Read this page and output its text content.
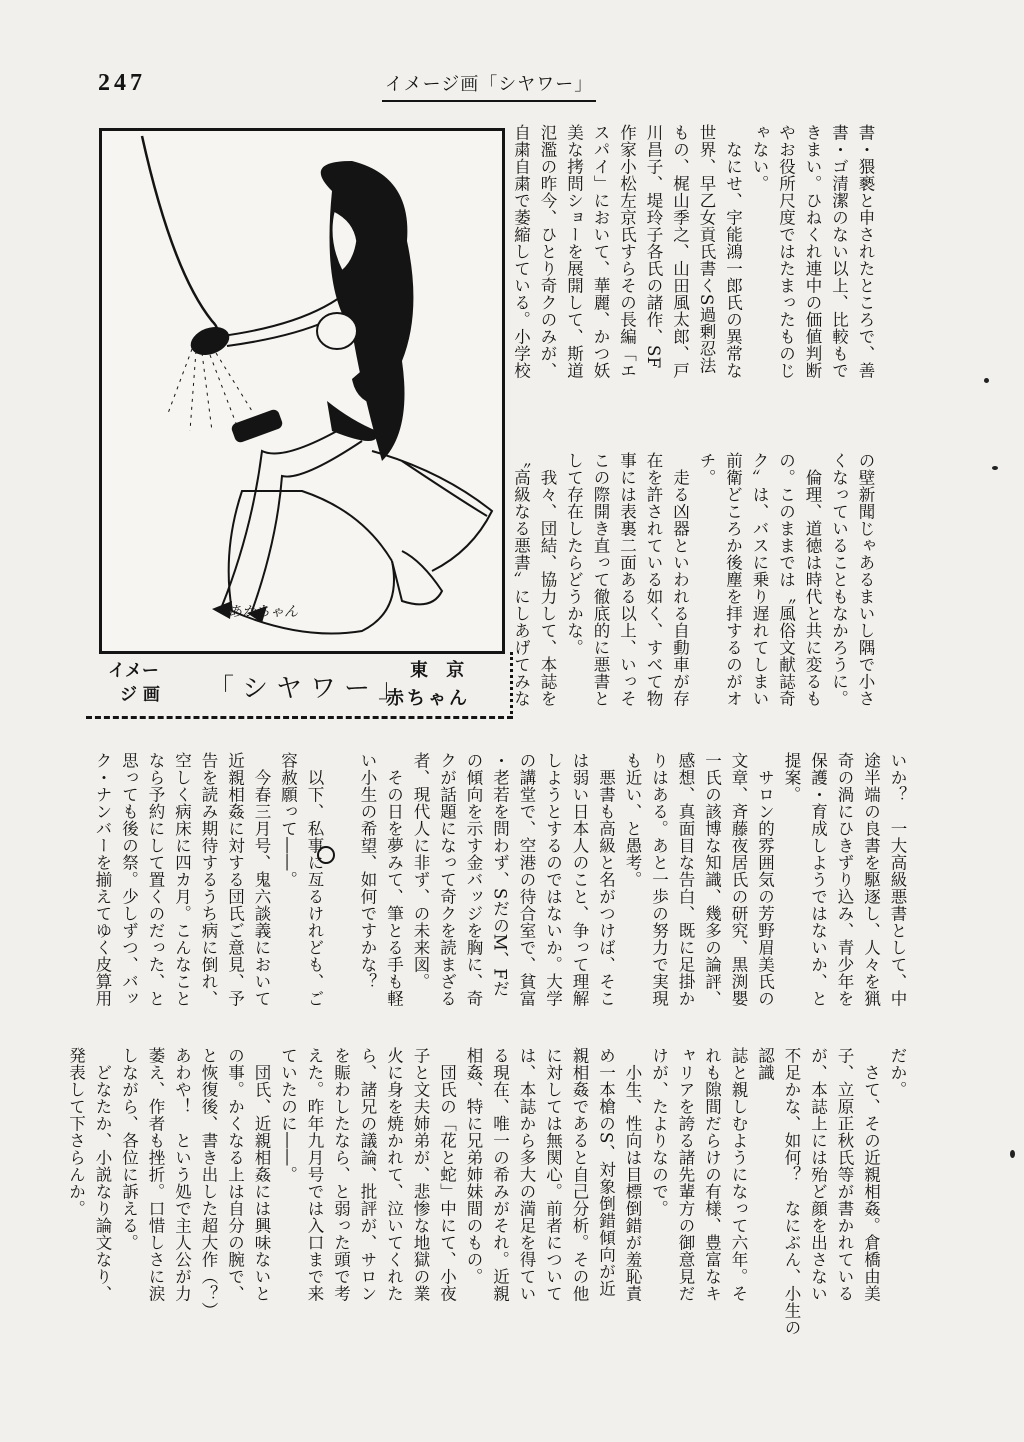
247	イメージ画「シヤワー」
あかちゃん
イメー
ジ 画 「シヤワー」
東 京
赤ちゃん
書・猥褻と申されたところで、善
書・ゴ清潔のない以上、比較もで
きまい。ひねくれ連中の価値判断
やお役所尺度ではたまったものじ
ゃない。
　なにせ、宇能鴻一郎氏の異常な
世界、早乙女貢氏書くS過剰忍法
もの、梶山季之、山田風太郎、戸
川昌子、堤玲子各氏の諸作、SF
作家小松左京氏すらその長編「エ
スパイ」において、華麗、かつ妖
美な拷問ショーを展開して、斯道
氾濫の昨今、ひとり奇クのみが、
自粛自粛で萎縮している。小学校
の壁新聞じゃあるまいし隅で小さ
くなっていることもなかろうに。
　倫理、道徳は時代と共に変るも
の。このままでは〝風俗文献誌奇
ク〟は、バスに乗り遅れてしまい
前衛どころか後塵を拝するのがオ
チ。
　走る凶器といわれる自動車が存
在を許されている如く、すべて物
事には表裏二面ある以上、いっそ
この際開き直って徹底的に悪書と
して存在したらどうかな。
　我々、団結、協力して、本誌を
〝高級なる悪書〟にしあげてみな
いか？　一大高級悪書として、中
途半端の良書を駆逐し、人々を猟
奇の渦にひきずり込み、青少年を
保護・育成しようではないか、と
提案。
　サロン的雰囲気の芳野眉美氏の
文章、斉藤夜居氏の研究、黒渕嬰
一氏の該博な知識、幾多の論評、
感想、真面目な告白、既に足掛か
りはある。あと一歩の努力で実現
も近い、と愚考。
　悪書も高級と名がつけば、そこ
は弱い日本人のこと、争って理解
しようとするのではないか。大学
の講堂で、空港の待合室で、貧富
・老若を問わず、SだのM、Fだ
の傾向を示す金バッジを胸に、奇
クが話題になって奇クを読まざる
者、現代人に非ず、の未来図。
　その日を夢みて、筆とる手も軽
い小生の希望、如何ですかな？

　以下、私事に亙るけれども、ご
容赦願って――。
　今春三月号、鬼六談義において
近親相姦に対する団氏ご意見、予
告を読み期待するうち病に倒れ、
空しく病床に四カ月。こんなこと
なら予約にして置くのだった、と
思っても後の祭。少しずつ、バッ
ク・ナンバーを揃えてゆく皮算用
だか。
　さて、その近親相姦。倉橋由美
子、立原正秋氏等が書かれている
が、本誌上には殆ど顔を出さない
不足かな、如何？　なにぶん、小生の認識
誌と親しむようになって六年。そ
れも隙間だらけの有様、豊富なキ
ャリアを誇る諸先輩方の御意見だ
けが、たよりなので。
　小生、性向は目標倒錯が羞恥責
め一本槍のS、対象倒錯傾向が近
親相姦であると自己分析。その他
に対しては無関心。前者について
は、本誌から多大の満足を得てい
る現在、唯一の希みがそれ。近親
相姦、特に兄弟姉妹間のもの。
　団氏の「花と蛇」中にて、小夜
子と文夫姉弟が、悲惨な地獄の業
火に身を焼かれて、泣いてくれた
ら、諸兄の議論、批評が、サロン
を賑わしたなら、と弱った頭で考
えた。昨年九月号では入口まで来
ていたのに――。
　団氏、近親相姦には興味ないと
の事。かくなる上は自分の腕で、
と恢復後、書き出した超大作（？）
あわや！　という処で主人公が力
萎え、作者も挫折。口惜しさに涙
しながら、各位に訴える。
　どなたか、小説なり論文なり、
発表して下さらんか。
